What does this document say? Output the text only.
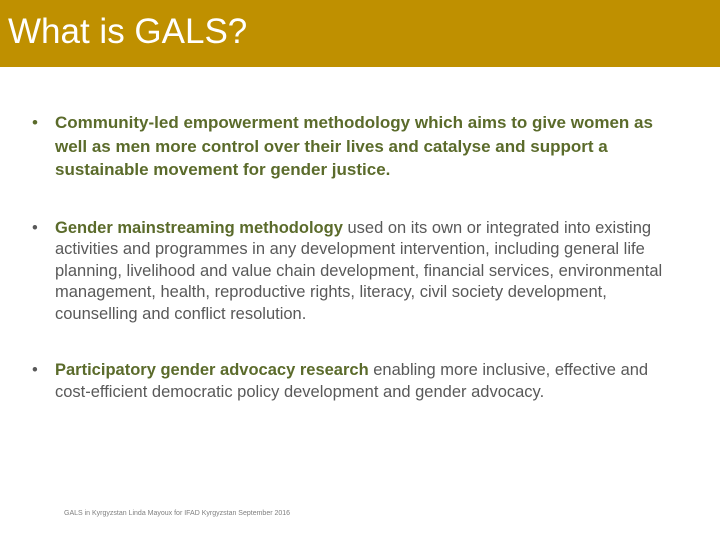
What is GALS?
• Community-led empowerment methodology which aims to give women as well as men more control over their lives and catalyse and support a sustainable movement for gender justice.
• Gender mainstreaming methodology used on its own or integrated into existing activities and programmes in any development intervention, including general life planning, livelihood and value chain development, financial services, environmental management, health, reproductive rights, literacy, civil society development, counselling and conflict resolution.
• Participatory gender advocacy research enabling more inclusive, effective and cost-efficient democratic policy development and gender advocacy.
GALS in Kyrgyzstan Linda Mayoux for IFAD Kyrgyzstan September 2016
